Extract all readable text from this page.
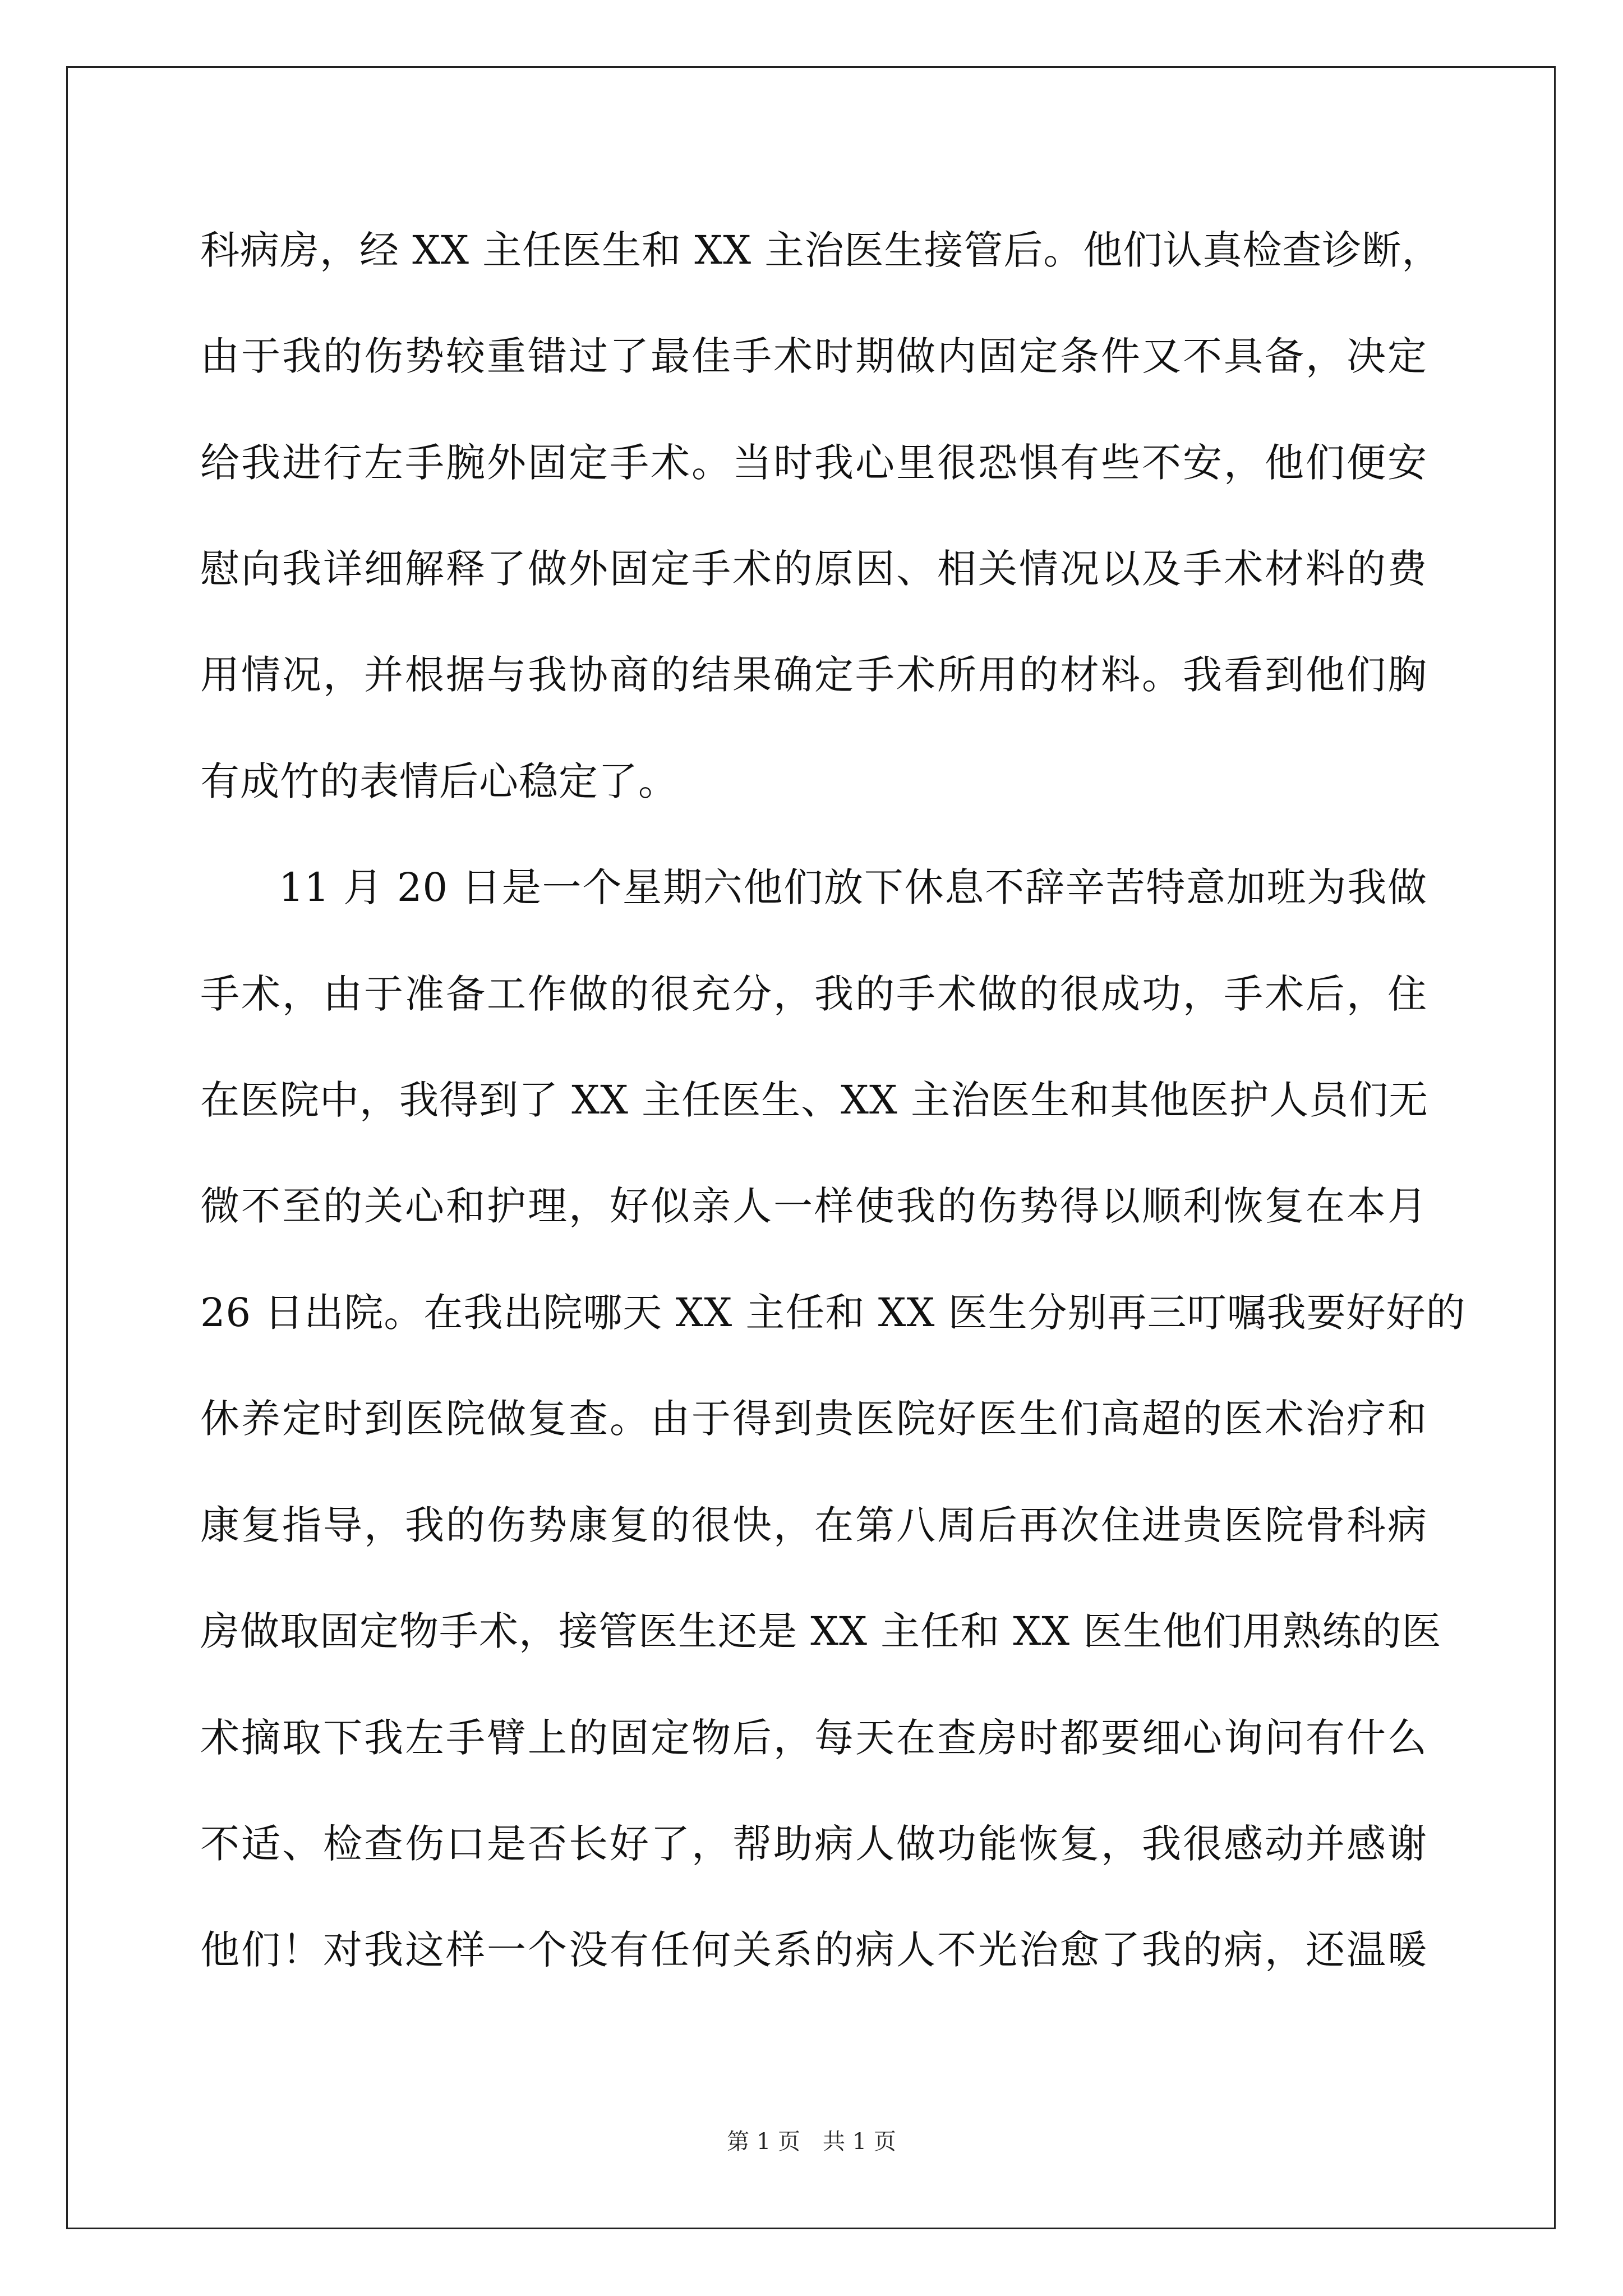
科病房，经 XX 主任医生和 XX 主治医生接管后。他们认真检查诊断，
由于我的伤势较重错过了最佳手术时期做内固定条件又不具备，决定
给我进行左手腕外固定手术。当时我心里很恐惧有些不安，他们便安
慰向我详细解释了做外固定手术的原因、相关情况以及手术材料的费
用情况，并根据与我协商的结果确定手术所用的材料。我看到他们胸
有成竹的表情后心稳定了。
11 月 20 日是一个星期六他们放下休息不辞辛苦特意加班为我做
手术，由于准备工作做的很充分，我的手术做的很成功，手术后，住
在医院中，我得到了 XX 主任医生、XX 主治医生和其他医护人员们无
微不至的关心和护理，好似亲人一样使我的伤势得以顺利恢复在本月
26 日出院。在我出院哪天 XX 主任和 XX 医生分别再三叮嘱我要好好的
休养定时到医院做复查。由于得到贵医院好医生们高超的医术治疗和
康复指导，我的伤势康复的很快，在第八周后再次住进贵医院骨科病
房做取固定物手术，接管医生还是 XX 主任和 XX 医生他们用熟练的医
术摘取下我左手臂上的固定物后，每天在查房时都要细心询问有什么
不适、检查伤口是否长好了，帮助病人做功能恢复，我很感动并感谢
他们！对我这样一个没有任何关系的病人不光治愈了我的病，还温暖
第 1 页　共 1 页
